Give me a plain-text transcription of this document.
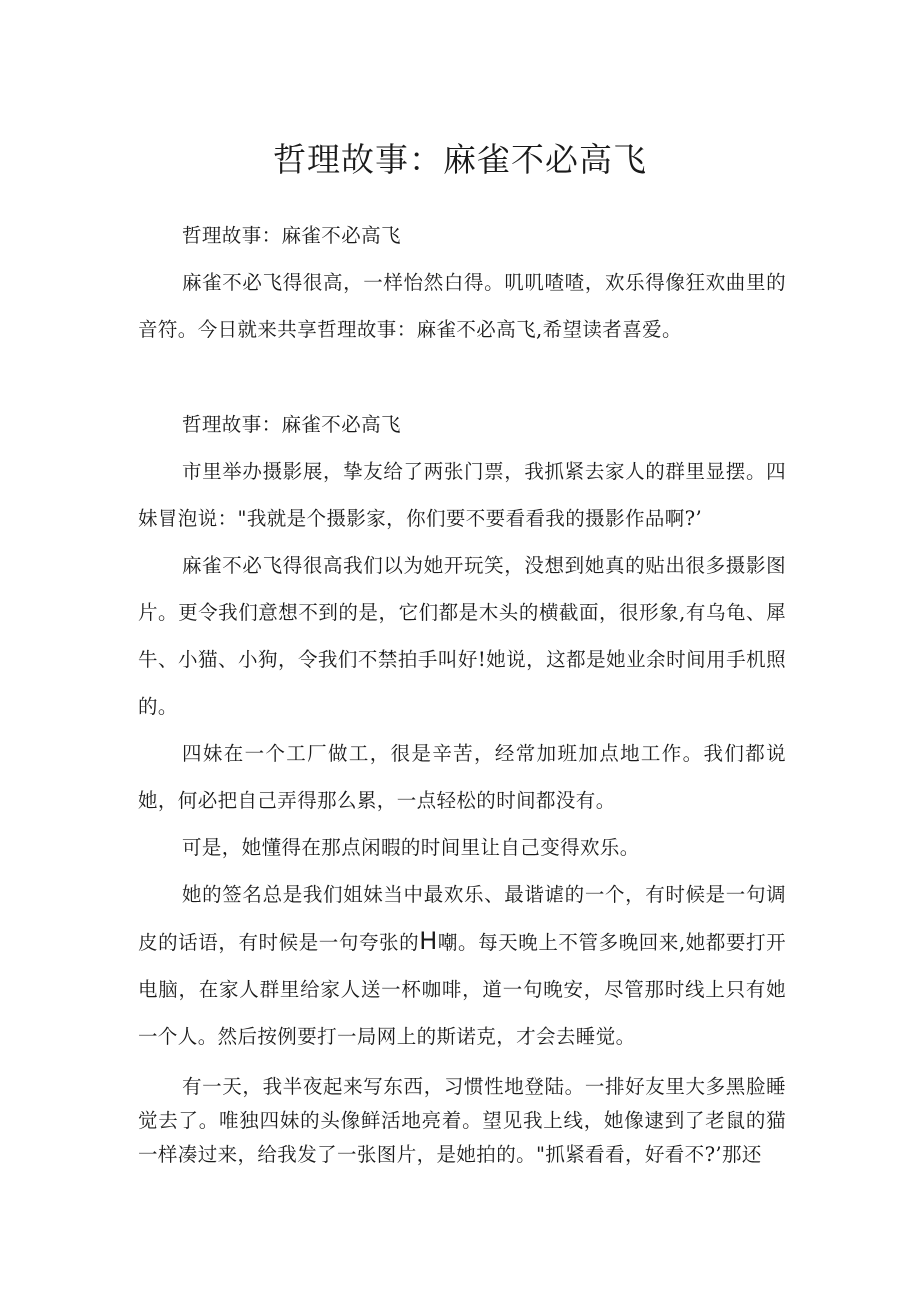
哲理故事：麻雀不必高飞

哲理故事：麻雀不必高飞

麻雀不必飞得很高，一样怡然白得。叽叽喳喳，欢乐得像狂欢曲里的音符。今日就来共享哲理故事：麻雀不必高飞,希望读者喜爱。

哲理故事：麻雀不必高飞

市里举办摄影展，挚友给了两张门票，我抓紧去家人的群里显摆。四妹冒泡说："我就是个摄影家，你们要不要看看我的摄影作品啊?’

麻雀不必飞得很高我们以为她开玩笑，没想到她真的贴出很多摄影图片。更令我们意想不到的是，它们都是木头的横截面，很形象,有乌龟、犀牛、小猫、小狗，令我们不禁拍手叫好!她说，这都是她业余时间用手机照的。

四妹在一个工厂做工，很是辛苦，经常加班加点地工作。我们都说她，何必把自己弄得那么累，一点轻松的时间都没有。

可是，她懂得在那点闲暇的时间里让自己变得欢乐。

她的签名总是我们姐妹当中最欢乐、最谐谑的一个，有时候是一句调皮的话语，有时候是一句夸张的H嘲。每天晚上不管多晚回来,她都要打开电脑，在家人群里给家人送一杯咖啡，道一句晚安，尽管那时线上只有她一个人。然后按例要打一局网上的斯诺克，才会去睡觉。

有一天，我半夜起来写东西，习惯性地登陆。一排好友里大多黑脸睡觉去了。唯独四妹的头像鲜活地亮着。望见我上线，她像逮到了老鼠的猫一样凑过来，给我发了一张图片，是她拍的。"抓紧看看，好看不?’那还
